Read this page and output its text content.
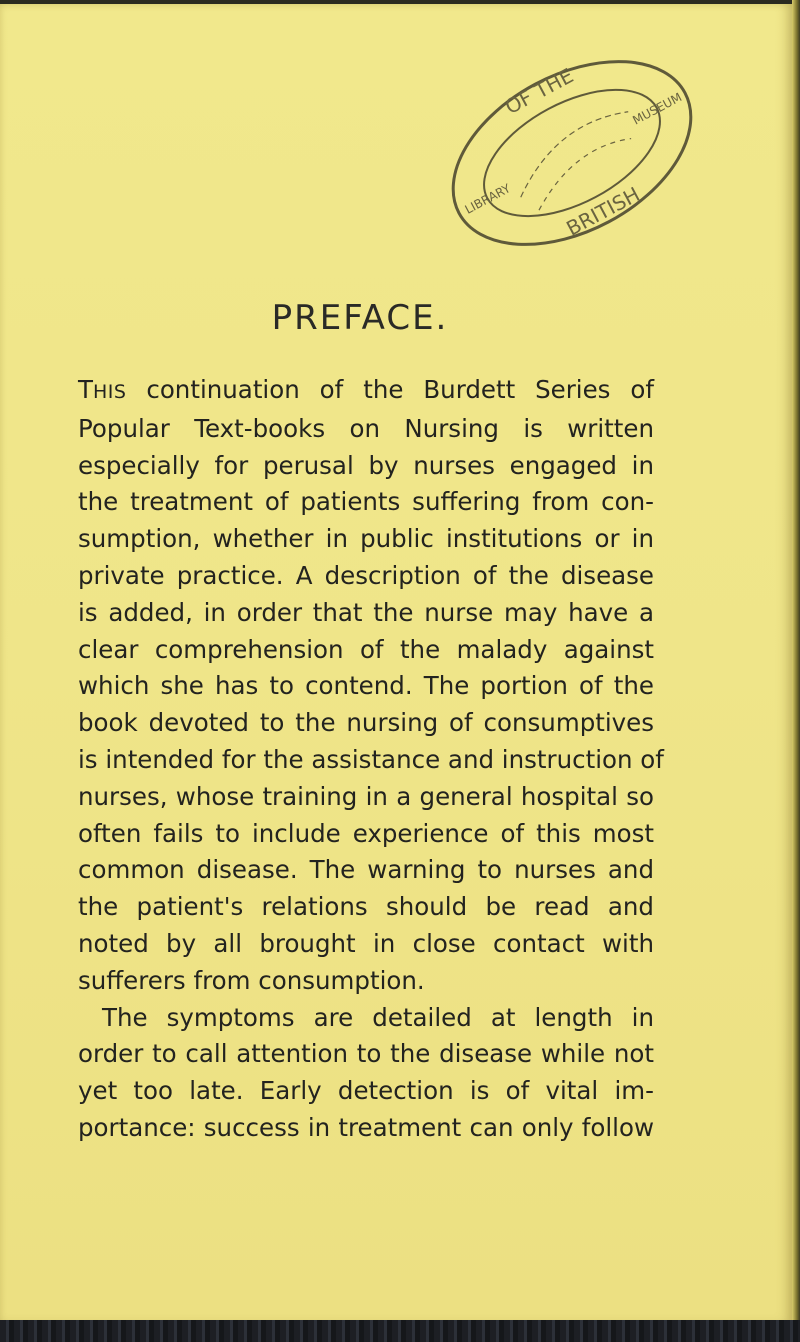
OF THE
BRITISH
LIBRARY
MUSEUM
PREFACE.
THIS continuation of the Burdett Series of
Popular Text-books on Nursing is written
especially for perusal by nurses engaged in
the treatment of patients suffering from con-
sumption, whether in public institutions or in
private practice. A description of the disease
is added, in order that the nurse may have a
clear comprehension of the malady against
which she has to contend. The portion of the
book devoted to the nursing of consumptives
is intended for the assistance and instruction of
nurses, whose training in a general hospital so
often fails to include experience of this most
common disease. The warning to nurses and
the patient's relations should be read and
noted by all brought in close contact with
sufferers from consumption.
The symptoms are detailed at length in
order to call attention to the disease while not
yet too late. Early detection is of vital im-
portance: success in treatment can only follow
